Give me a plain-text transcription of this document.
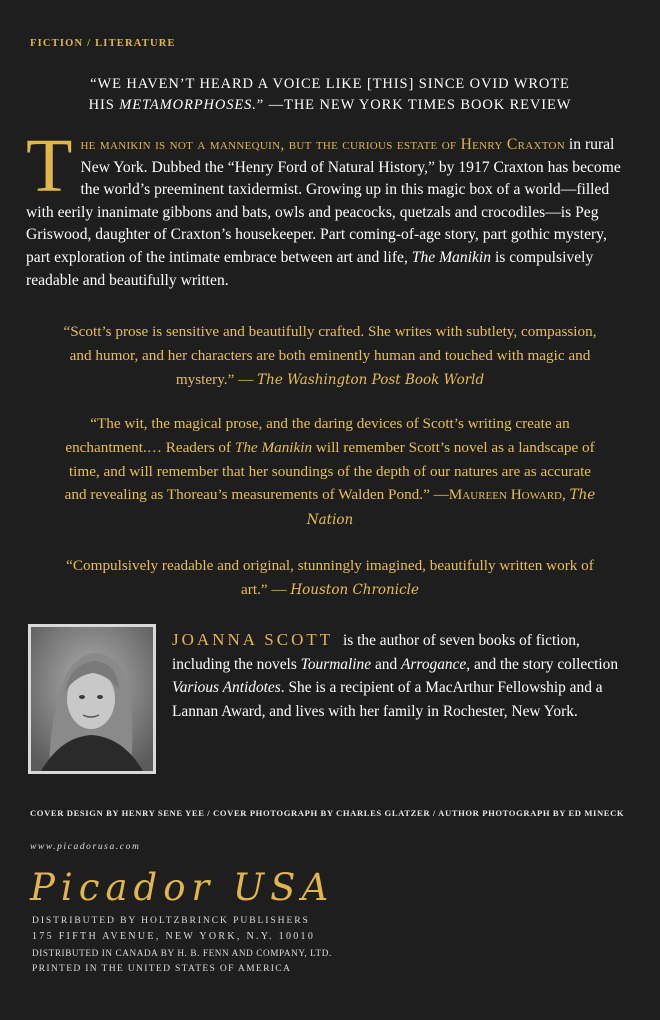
FICTION / LITERATURE
“WE HAVEN’T HEARD A VOICE LIKE [THIS] SINCE OVID WROTE
HIS METAMORPHOSES.” —THE NEW YORK TIMES BOOK REVIEW
The manikin is not a mannequin, but the curious estate of Henry Craxton in rural New York. Dubbed the “Henry Ford of Natural History,” by 1917 Craxton has become the world’s preeminent taxidermist. Growing up in this magic box of a world—filled with eerily inanimate gibbons and bats, owls and peacocks, quetzals and crocodiles—is Peg Griswood, daughter of Craxton’s housekeeper. Part coming-of-age story, part gothic mystery, part exploration of the intimate embrace between art and life, The Manikin is compulsively readable and beautifully written.
“Scott’s prose is sensitive and beautifully crafted. She writes with subtlety, compassion, and humor, and her characters are both eminently human and touched with magic and mystery.” — The Washington Post Book World
“The wit, the magical prose, and the daring devices of Scott’s writing create an enchantment.… Readers of The Manikin will remember Scott’s novel as a landscape of time, and will remember that her soundings of the depth of our natures are as accurate and revealing as Thoreau’s measurements of Walden Pond.” —Maureen Howard, The Nation
“Compulsively readable and original, stunningly imagined, beautifully written work of art.” — Houston Chronicle
JOANNA SCOTT is the author of seven books of fiction, including the novels Tourmaline and Arrogance, and the story collection Various Antidotes. She is a recipient of a MacArthur Fellowship and a Lannan Award, and lives with her family in Rochester, New York.
COVER DESIGN BY HENRY SENE YEE / COVER PHOTOGRAPH BY CHARLES GLATZER / AUTHOR PHOTOGRAPH BY ED MINECK
www.picadorusa.com
Picador USA
DISTRIBUTED BY HOLTZBRINCK PUBLISHERS
175 FIFTH AVENUE, NEW YORK, N.Y. 10010
DISTRIBUTED IN CANADA BY H. B. FENN AND COMPANY, LTD.
PRINTED IN THE UNITED STATES OF AMERICA
